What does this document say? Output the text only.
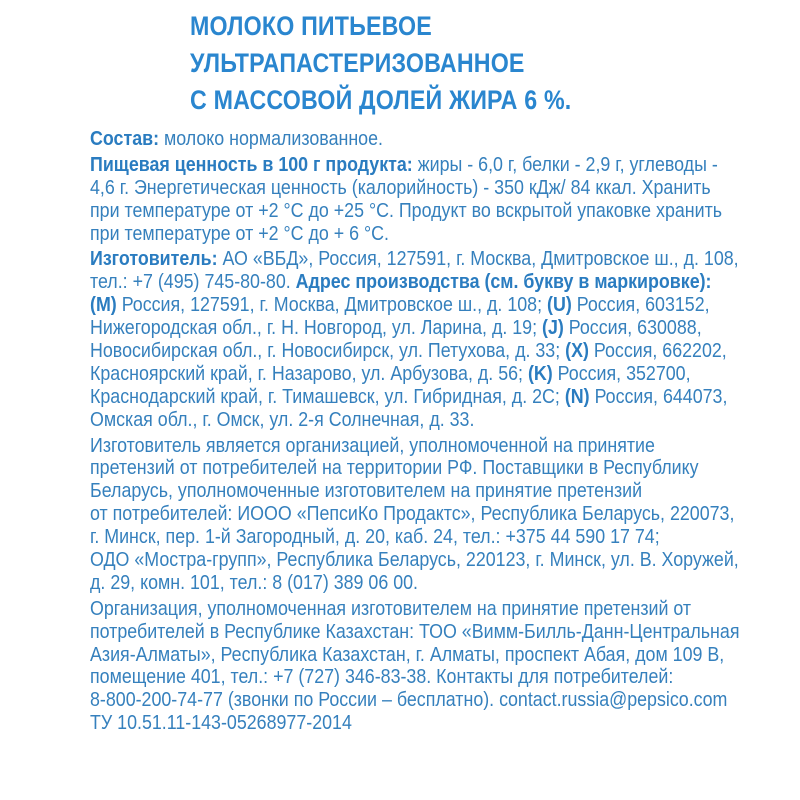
МОЛОКО ПИТЬЕВОЕ
УЛЬТРАПАСТЕРИЗОВАННОЕ
С МАССОВОЙ ДОЛЕЙ ЖИРА 6 %.
Состав: молоко нормализованное.
Пищевая ценность в 100 г продукта: жиры - 6,0 г, белки - 2,9 г, углеводы -
4,6 г. Энергетическая ценность (калорийность) - 350 кДж/ 84 ккал. Хранить
при температуре от +2 °С до +25 °С. Продукт во вскрытой упаковке хранить
при температуре от +2 °С до + 6 °С.
Изготовитель: АО «ВБД», Россия, 127591, г. Москва, Дмитровское ш., д. 108,
тел.: +7 (495) 745-80-80. Адрес производства (см. букву в маркировке):
(M) Россия, 127591, г. Москва, Дмитровское ш., д. 108; (U) Россия, 603152,
Нижегородская обл., г. Н. Новгород, ул. Ларина, д. 19; (J) Россия, 630088,
Новосибирская обл., г. Новосибирск, ул. Петухова, д. 33; (X) Россия, 662202,
Красноярский край, г. Назарово, ул. Арбузова, д. 56; (K) Россия, 352700,
Краснодарский край, г. Тимашевск, ул. Гибридная, д. 2С; (N) Россия, 644073,
Омская обл., г. Омск, ул. 2-я Солнечная, д. 33.
Изготовитель является организацией, уполномоченной на принятие
претензий от потребителей на территории РФ. Поставщики в Республику
Беларусь, уполномоченные изготовителем на принятие претензий
от потребителей: ИООО «ПепсиКо Продактс», Республика Беларусь, 220073,
г. Минск, пер. 1-й Загородный, д. 20, каб. 24, тел.: +375 44 590 17 74;
ОДО «Мостра-групп», Республика Беларусь, 220123, г. Минск, ул. В. Хоружей,
д. 29, комн. 101, тел.: 8 (017) 389 06 00.
Организация, уполномоченная изготовителем на принятие претензий от
потребителей в Республике Казахстан: ТОО «Вимм-Билль-Данн-Центральная
Азия-Алматы», Республика Казахстан, г. Алматы, проспект Абая, дом 109 В,
помещение 401, тел.: +7 (727) 346-83-38. Контакты для потребителей:
8-800-200-74-77 (звонки по России – бесплатно). contact.russia@pepsico.com
ТУ 10.51.11-143-05268977-2014
